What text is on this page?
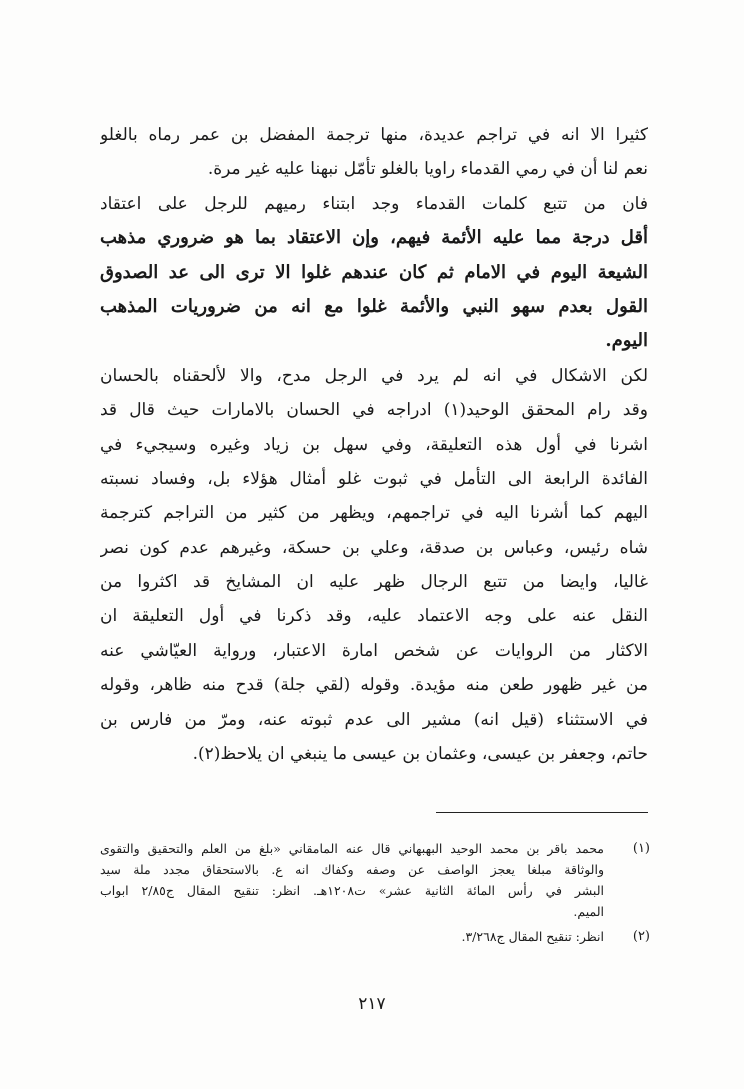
كثيرا الا انه في تراجم عديدة، منها ترجمة المفضل بن عمر رماه بالغلو
نعم لنا أن في رمي القدماء راويا بالغلو تأمّل نبهنا عليه غير مرة.
فان من تتبع كلمات القدماء وجد ابتناء رميهم للرجل على اعتقاد
أقل درجة مما عليه الأئمة فيهم، وإن الاعتقاد بما هو ضروري مذهب
الشيعة اليوم في الامام ثم كان عندهم غلوا الا ترى الى عد الصدوق
القول بعدم سهو النبي والأئمة غلوا مع انه من ضروريات المذهب
اليوم.
لكن الاشكال في انه لم يرد في الرجل مدح، والا لألحقناه بالحسان
وقد رام المحقق الوحيد(١) ادراجه في الحسان بالامارات حيث قال قد
اشرنا في أول هذه التعليقة، وفي سهل بن زياد وغيره وسيجيء في
الفائدة الرابعة الى التأمل في ثبوت غلو أمثال هؤلاء بل، وفساد نسبته
اليهم كما أشرنا اليه في تراجمهم، ويظهر من كثير من التراجم كترجمة
شاه رئيس، وعباس بن صدقة، وعلي بن حسكة، وغيرهم عدم كون نصر
غاليا، وايضا من تتبع الرجال ظهر عليه ان المشايخ قد اكثروا من
النقل عنه على وجه الاعتماد عليه، وقد ذكرنا في أول التعليقة ان
الاكثار من الروايات عن شخص امارة الاعتبار، ورواية العيّاشي عنه
من غير ظهور طعن منه مؤيدة. وقوله (لقي جلة) قدح منه ظاهر، وقوله
في الاستثناء (قيل انه) مشير الى عدم ثبوته عنه، ومرّ من فارس بن
حاتم، وجعفر بن عيسى، وعثمان بن عيسى ما ينبغي ان يلاحظ(٢).
(١)
محمد باقر بن محمد الوحيد البهبهاني قال عنه المامقاني «بلغ من العلم والتحقيق والتقوى
والوثاقة مبلغا يعجز الواصف عن وصفه وكفاك انه ع. بالاستحقاق مجدد ملة سيد
البشر في رأس المائة الثانية عشر» ت١٢٠٨هـ. انظر: تنقيح المقال ج٢/٨٥ ابواب
الميم.
(٢)
انظر: تنقيح المقال ج٣/٢٦٨.
٢١٧
